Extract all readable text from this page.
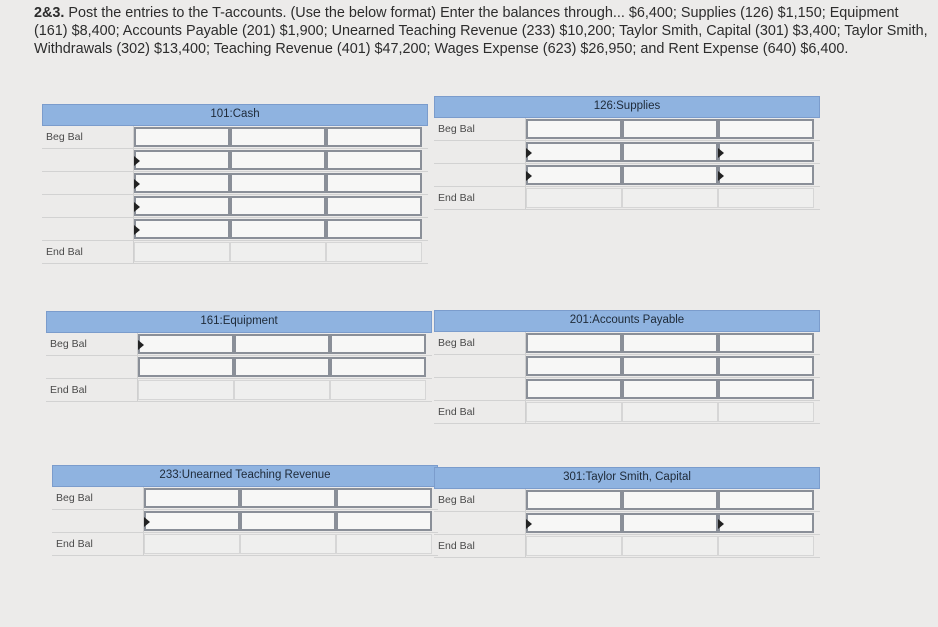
2&3. Post the entries to the T-accounts. (Use the below format) Enter the balances through... $6,400; Supplies (126) $1,150; Equipment (161) $8,400; Accounts Payable (201) $1,900; Unearned Teaching Revenue (233) $10,200; Taylor Smith, Capital (301) $3,400; Taylor Smith, Withdrawals (302) $13,400; Teaching Revenue (401) $47,200; Wages Expense (623) $26,950; and Rent Expense (640) $6,400.
101:Cash
Beg Bal
End Bal
126:Supplies
Beg Bal
End Bal
161:Equipment
Beg Bal
End Bal
201:Accounts Payable
Beg Bal
End Bal
233:Unearned Teaching Revenue
Beg Bal
End Bal
301:Taylor Smith, Capital
Beg Bal
End Bal
